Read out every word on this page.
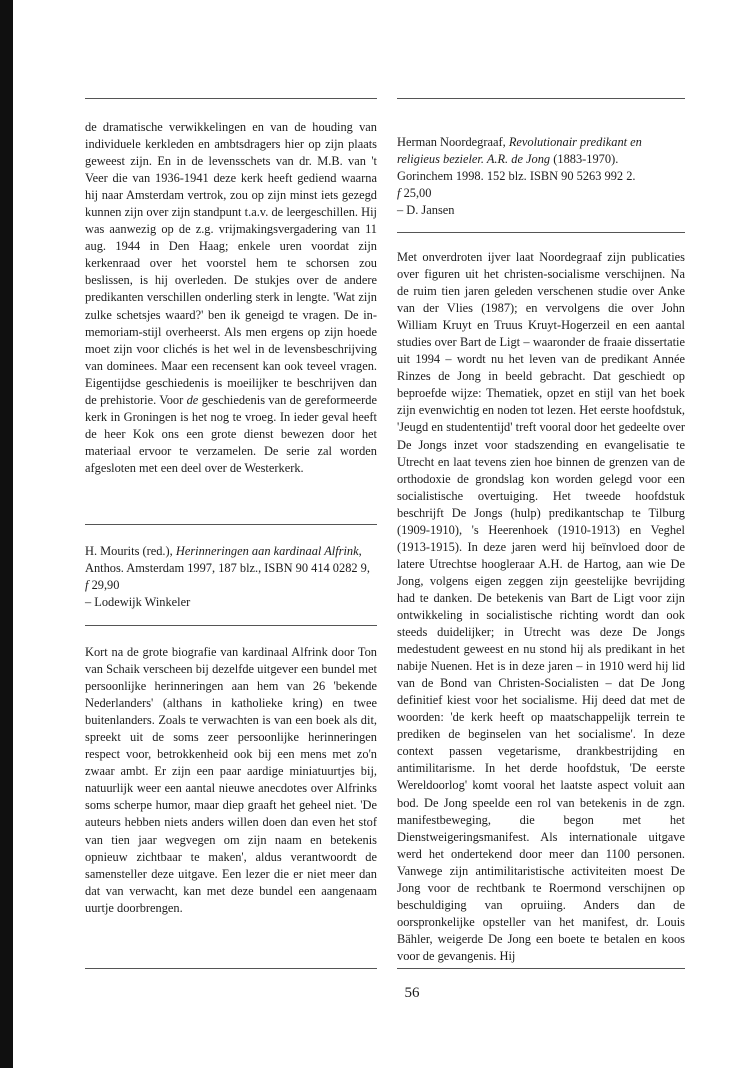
de dramatische verwikkelingen en van de houding van individuele kerkleden en ambtsdragers hier op zijn plaats geweest zijn. En in de levensschets van dr. M.B. van 't Veer die van 1936-1941 deze kerk heeft gediend waarna hij naar Amsterdam vertrok, zou op zijn minst iets gezegd kunnen zijn over zijn standpunt t.a.v. de leergeschillen. Hij was aanwezig op de z.g. vrijmakingsvergadering van 11 aug. 1944 in Den Haag; enkele uren voordat zijn kerkenraad over het voorstel hem te schorsen zou beslissen, is hij overleden. De stukjes over de andere predikanten verschillen onderling sterk in lengte. 'Wat zijn zulke schetsjes waard?' ben ik geneigd te vragen. De in-memoriam-stijl overheerst. Als men ergens op zijn hoede moet zijn voor clichés is het wel in de levensbeschrijving van dominees. Maar een recensent kan ook teveel vragen. Eigentijdse geschiedenis is moeilijker te beschrijven dan de prehistorie. Voor de geschiedenis van de gereformeerde kerk in Groningen is het nog te vroeg. In ieder geval heeft de heer Kok ons een grote dienst bewezen door het materiaal ervoor te verzamelen. De serie zal worden afgesloten met een deel over de Westerkerk.

H. Mourits (red.), Herinneringen aan kardinaal Alfrink, Anthos. Amsterdam 1997, 187 blz., ISBN 90 414 0282 9, f 29,90
– Lodewijk Winkeler

Kort na de grote biografie van kardinaal Alfrink door Ton van Schaik verscheen bij dezelfde uitgever een bundel met persoonlijke herinneringen aan hem van 26 'bekende Nederlanders' (althans in katholieke kring) en twee buitenlanders. Zoals te verwachten is van een boek als dit, spreekt uit de soms zeer persoonlijke herinneringen respect voor, betrokkenheid ook bij een mens met zo'n zwaar ambt. Er zijn een paar aardige miniatuurtjes bij, natuurlijk weer een aantal nieuwe anecdotes over Alfrinks soms scherpe humor, maar diep graaft het geheel niet. 'De auteurs hebben niets anders willen doen dan even het stof van tien jaar wegvegen om zijn naam en betekenis opnieuw zichtbaar te maken', aldus verantwoordt de samensteller deze uitgave. Een lezer die er niet meer dan dat van verwacht, kan met deze bundel een aangenaam uurtje doorbrengen.

Herman Noordegraaf, Revolutionair predikant en
religieus bezieler. A.R. de Jong (1883-1970).
Gorinchem 1998. 152 blz. ISBN 90 5263 992 2.
f 25,00
– D. Jansen

Met onverdroten ijver laat Noordegraaf zijn publicaties over figuren uit het christen-socialisme verschijnen. Na de ruim tien jaren geleden verschenen studie over Anke van der Vlies (1987); en vervolgens die over John William Kruyt en Truus Kruyt-Hogerzeil en een aantal studies over Bart de Ligt – waaronder de fraaie dissertatie uit 1994 – wordt nu het leven van de predikant Année Rinzes de Jong in beeld gebracht. Dat geschiedt op beproefde wijze: Thematiek, opzet en stijl van het boek zijn evenwichtig en noden tot lezen. Het eerste hoofdstuk, 'Jeugd en studententijd' treft vooral door het gedeelte over De Jongs inzet voor stadszending en evangelisatie te Utrecht en laat tevens zien hoe binnen de grenzen van de orthodoxie de grondslag kon worden gelegd voor een socialistische overtuiging. Het tweede hoofdstuk beschrijft De Jongs (hulp) predikantschap te Tilburg (1909-1910), 's Heerenhoek (1910-1913) en Veghel (1913-1915). In deze jaren werd hij beïnvloed door de latere Utrechtse hoogleraar A.H. de Hartog, aan wie De Jong, volgens eigen zeggen zijn geestelijke bevrijding had te danken. De betekenis van Bart de Ligt voor zijn ontwikkeling in socialistische richting wordt dan ook steeds duidelijker; in Utrecht was deze De Jongs medestudent geweest en nu stond hij als predikant in het nabije Nuenen. Het is in deze jaren – in 1910 werd hij lid van de Bond van Christen-Socialisten – dat De Jong definitief kiest voor het socialisme. Hij deed dat met de woorden: 'de kerk heeft op maatschappelijk terrein te prediken de beginselen van het socialisme'. In deze context passen vegetarisme, drankbestrijding en antimilitarisme. In het derde hoofdstuk, 'De eerste Wereldoorlog' komt vooral het laatste aspect voluit aan bod. De Jong speelde een rol van betekenis in de zgn. manifestbeweging, die begon met het Dienstweigeringsmanifest. Als internationale uitgave werd het ondertekend door meer dan 1100 personen. Vanwege zijn antimilitaristische activiteiten moest De Jong voor de rechtbank te Roermond verschijnen op beschuldiging van opruiing. Anders dan de oorspronkelijke opsteller van het manifest, dr. Louis Bähler, weigerde De Jong een boete te betalen en koos voor de gevangenis. Hij

56
